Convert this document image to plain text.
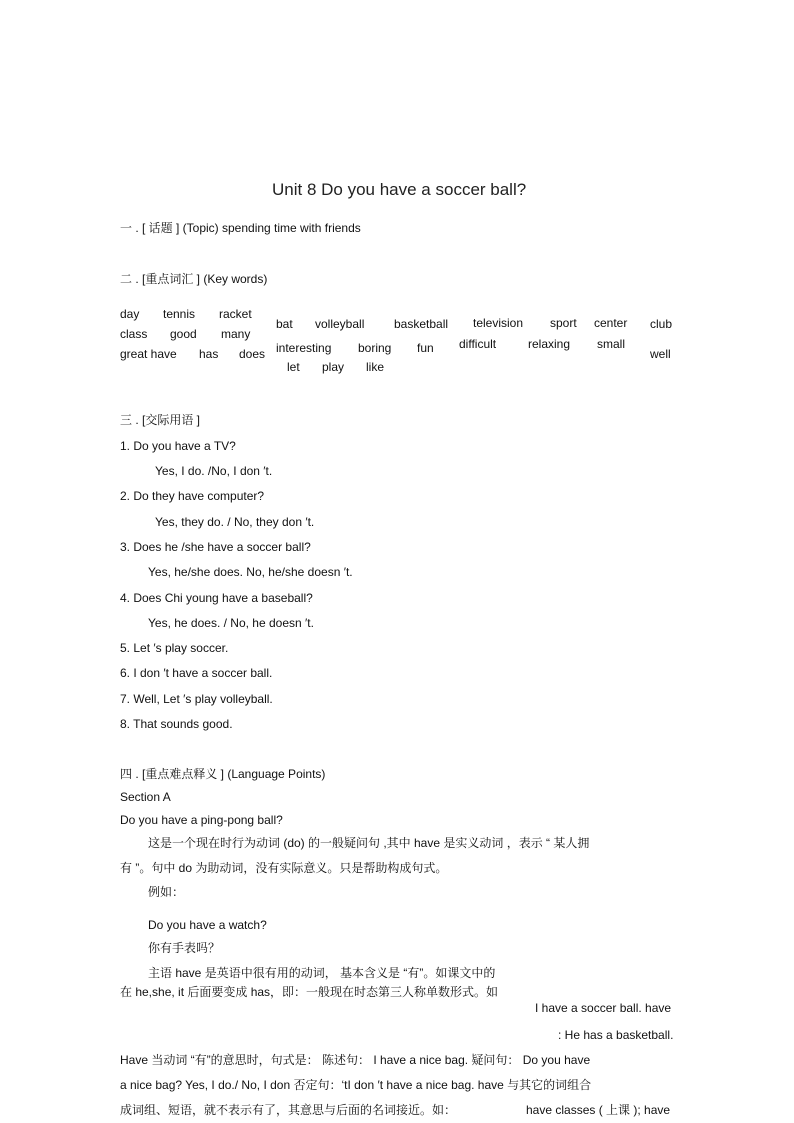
Unit 8 Do you have a soccer ball?
一 . [ 话题 ] (Topic) spending time with friends
二 . [重点词汇 ] (Key words)
day tennis racket
class good many
great have has does
bat volleyball basketball television sport center club
interesting boring fun difficult	relaxing small
well
let play like
三 . [交际用语 ]
1. Do you have a TV?
Yes, I do. /No, I don ′t.
2. Do they have computer?
Yes, they do. / No, they don ′t.
3. Does he /she have a soccer ball?
Yes, he/she does. No, he/she doesn ′t.
4. Does Chi young have a baseball?
Yes, he does. / No, he doesn ′t.
5. Let ′s play soccer.
6. I don ′t have a soccer ball.
7. Well, Let ′s play volleyball.
8. That sounds good.
四 . [重点难点释义 ] (Language Points)
Section A
Do you have a ping-pong ball?
这是一个现在时行为动词 (do) 的一般疑问句 ,其中 have 是实义动词 ，表示 “ 某人拥
有 ”。句中 do 为助动词，没有实际意义。只是帮助构成句式。
例如：
Do you have a watch?
你有手表吗？
主语 have 是英语中很有用的动词， 基本含义是 “有”。如课文中的
在 he,she, it 后面要变成 has，即：一般现在时态第三人称单数形式。如
I have a soccer ball. have
: He has a basketball.
Have 当动词 “有”的意思时，句式是： 陈述句： I have a nice bag. 疑问句： Do you have
a nice bag? Yes, I do./ No, I don 否定句：‘tI don ′t have a nice bag. have 与其它的词组合
成词组、短语，就不表示有了，其意思与后面的名词接近。如：	have classes ( 上课 ); have
